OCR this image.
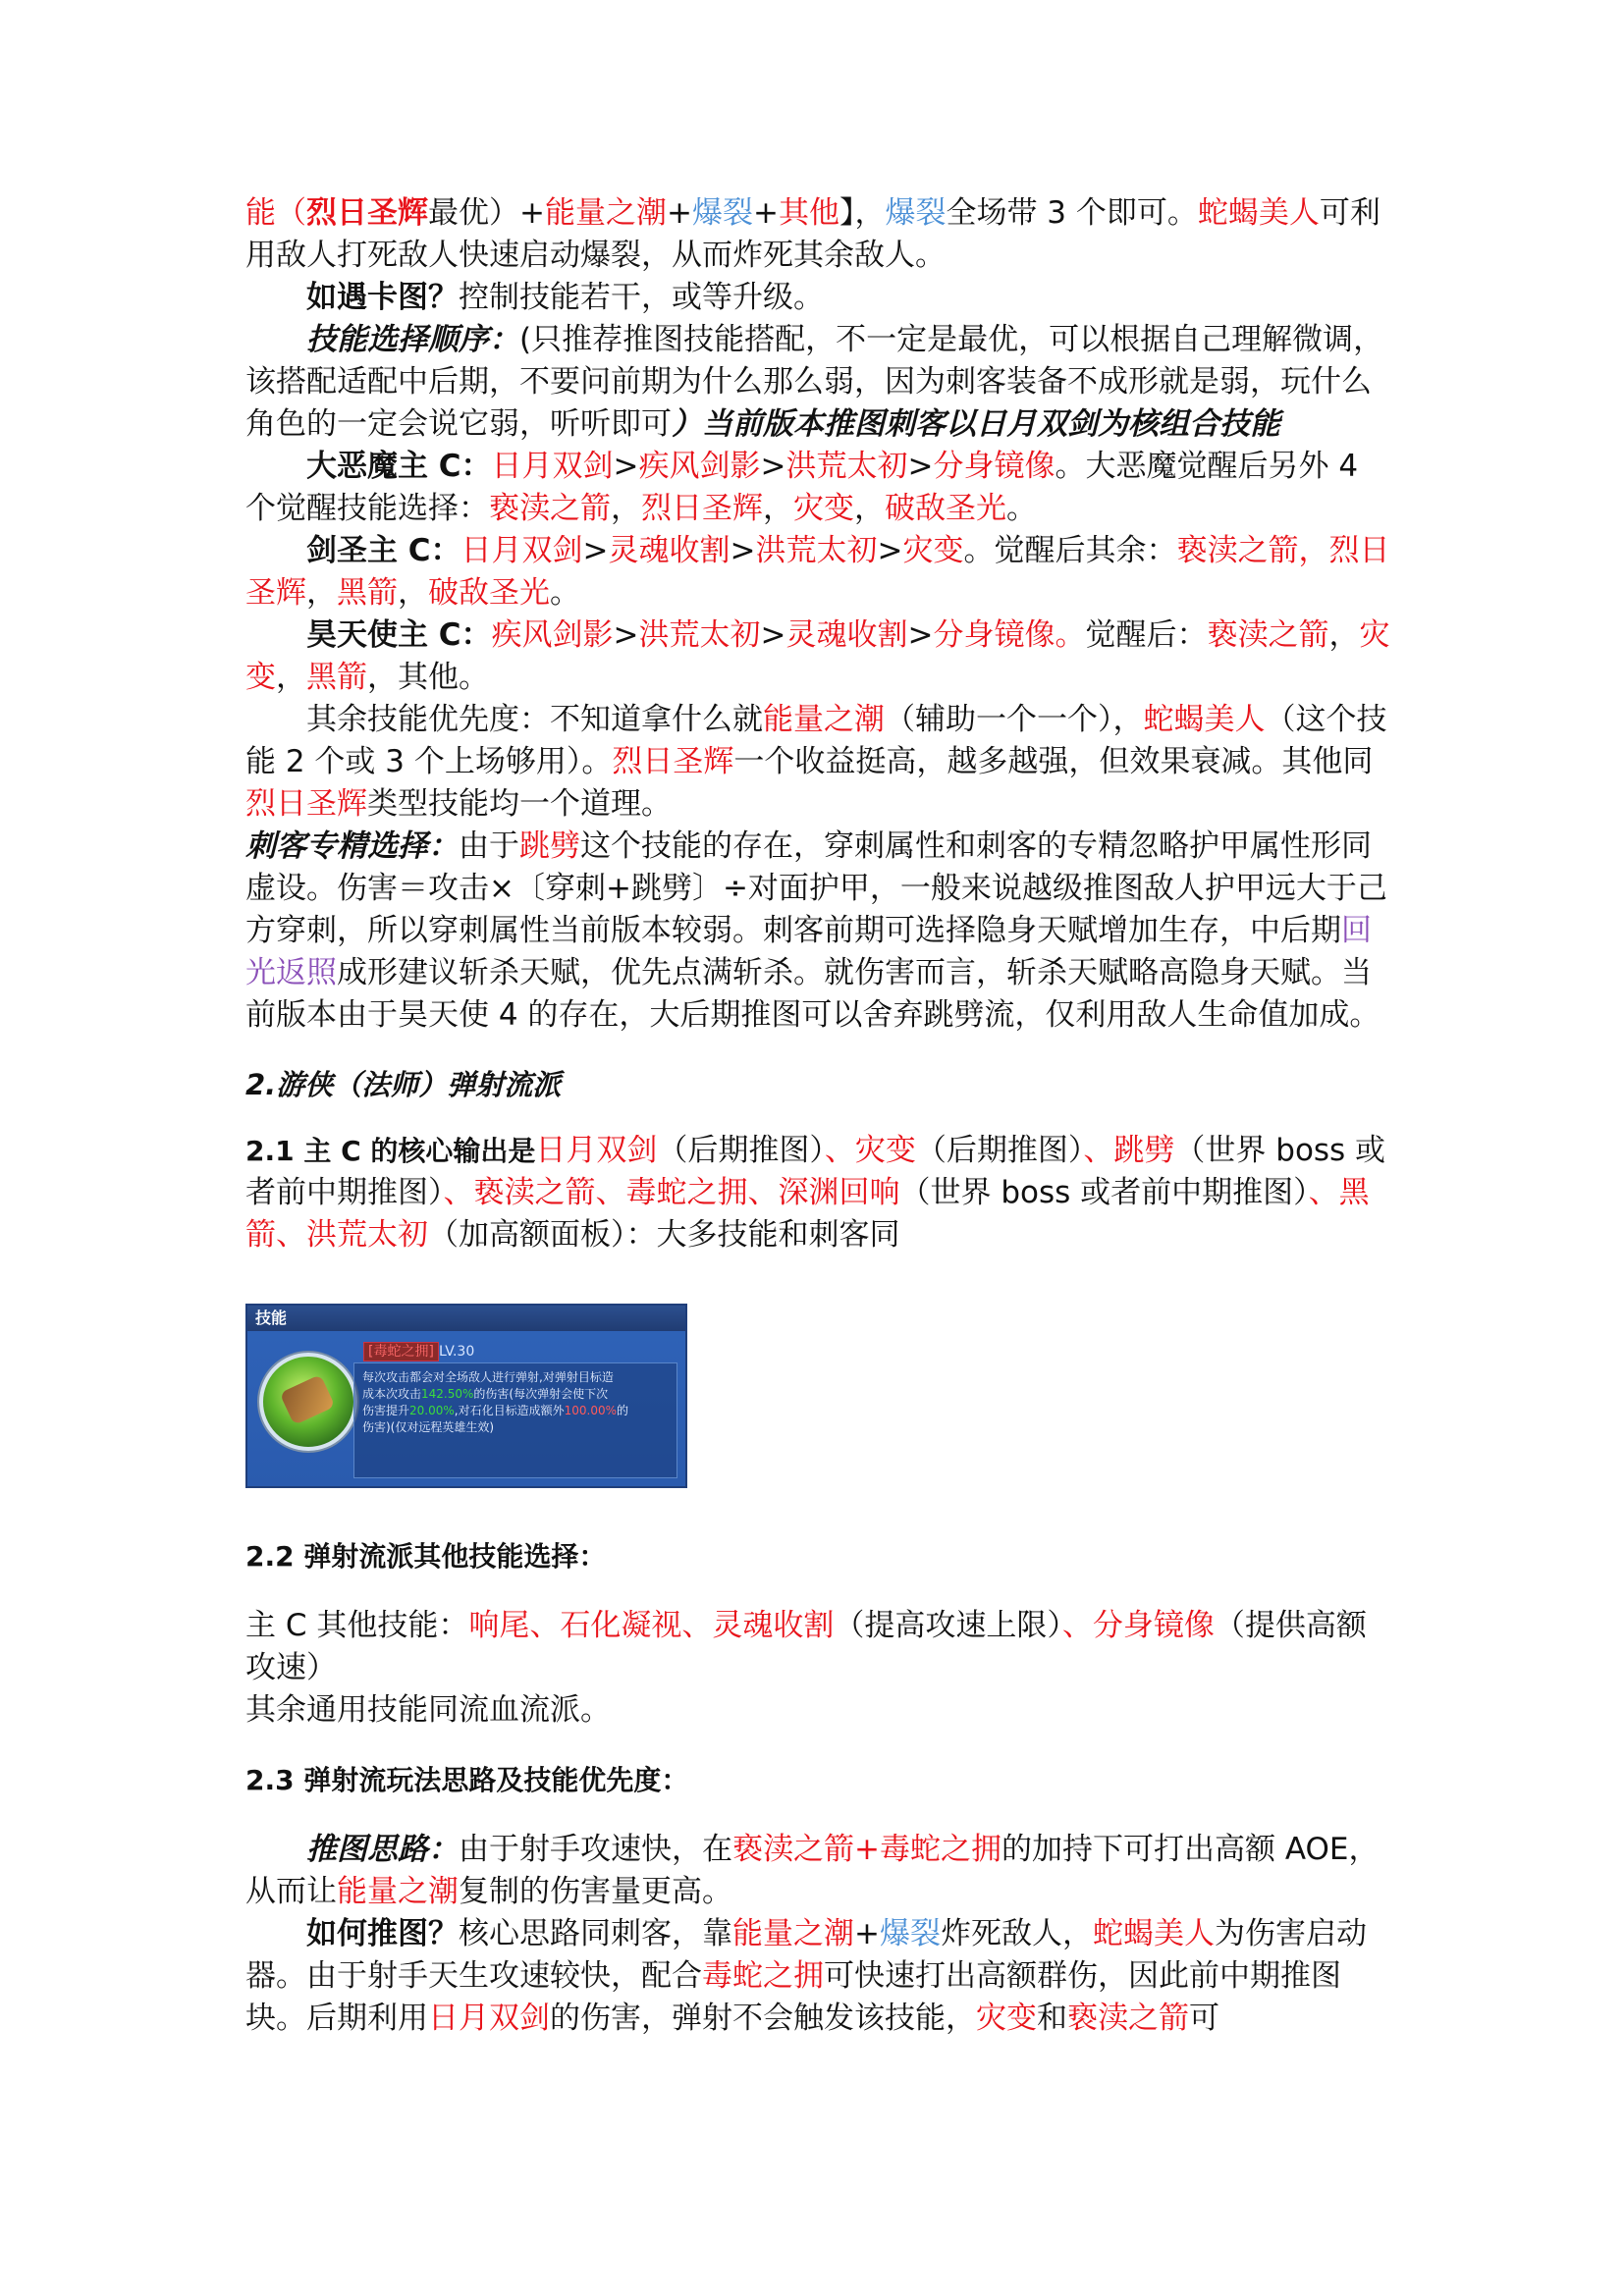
能（烈日圣辉最优）+能量之潮+爆裂+其他】，爆裂全场带 3 个即可。蛇蝎美人可利用敌人打死敌人快速启动爆裂，从而炸死其余敌人。

如遇卡图？控制技能若干，或等升级。

技能选择顺序：(只推荐推图技能搭配，不一定是最优，可以根据自己理解微调，该搭配适配中后期，不要问前期为什么那么弱，因为刺客装备不成形就是弱，玩什么角色的一定会说它弱，听听即可）当前版本推图刺客以日月双剑为核组合技能

大恶魔主 C：日月双剑>疾风剑影>洪荒太初>分身镜像。大恶魔觉醒后另外 4 个觉醒技能选择：亵渎之箭，烈日圣辉，灾变，破敌圣光。

剑圣主 C：日月双剑>灵魂收割>洪荒太初>灾变。觉醒后其余：亵渎之箭，烈日圣辉，黑箭，破敌圣光。

昊天使主 C：疾风剑影>洪荒太初>灵魂收割>分身镜像。觉醒后：亵渎之箭，灾变，黑箭，其他。

其余技能优先度：不知道拿什么就能量之潮（辅助一个一个），蛇蝎美人（这个技能 2 个或 3 个上场够用）。烈日圣辉一个收益挺高，越多越强，但效果衰减。其他同烈日圣辉类型技能均一个道理。

刺客专精选择：由于跳劈这个技能的存在，穿刺属性和刺客的专精忽略护甲属性形同虚设。伤害＝攻击×〔穿刺+跳劈〕÷对面护甲，一般来说越级推图敌人护甲远大于己方穿刺，所以穿刺属性当前版本较弱。刺客前期可选择隐身天赋增加生存，中后期回光返照成形建议斩杀天赋，优先点满斩杀。就伤害而言，斩杀天赋略高隐身天赋。当前版本由于昊天使 4 的存在，大后期推图可以舍弃跳劈流，仅利用敌人生命值加成。

2.游侠（法师）弹射流派

2.1 主 C 的核心输出是日月双剑（后期推图）、灾变（后期推图）、跳劈（世界 boss 或者前中期推图）、亵渎之箭、毒蛇之拥、深渊回响（世界 boss 或者前中期推图）、黑箭、洪荒太初（加高额面板）：大多技能和刺客同

技能
[毒蛇之拥] LV.30
每次攻击都会对全场敌人进行弹射,对弹射目标造
成本次攻击142.50%的伤害(每次弹射会使下次
伤害提升20.00%,对石化目标造成额外100.00%的
伤害)(仅对远程英雄生效)

2.2 弹射流派其他技能选择：

主 C 其他技能：响尾、石化凝视、灵魂收割（提高攻速上限）、分身镜像（提供高额攻速）

其余通用技能同流血流派。

2.3 弹射流玩法思路及技能优先度：

推图思路：由于射手攻速快，在亵渎之箭+毒蛇之拥的加持下可打出高额 AOE，从而让能量之潮复制的伤害量更高。

如何推图？核心思路同刺客，靠能量之潮+爆裂炸死敌人，蛇蝎美人为伤害启动器。由于射手天生攻速较快，配合毒蛇之拥可快速打出高额群伤，因此前中期推图块。后期利用日月双剑的伤害，弹射不会触发该技能，灾变和亵渎之箭可
